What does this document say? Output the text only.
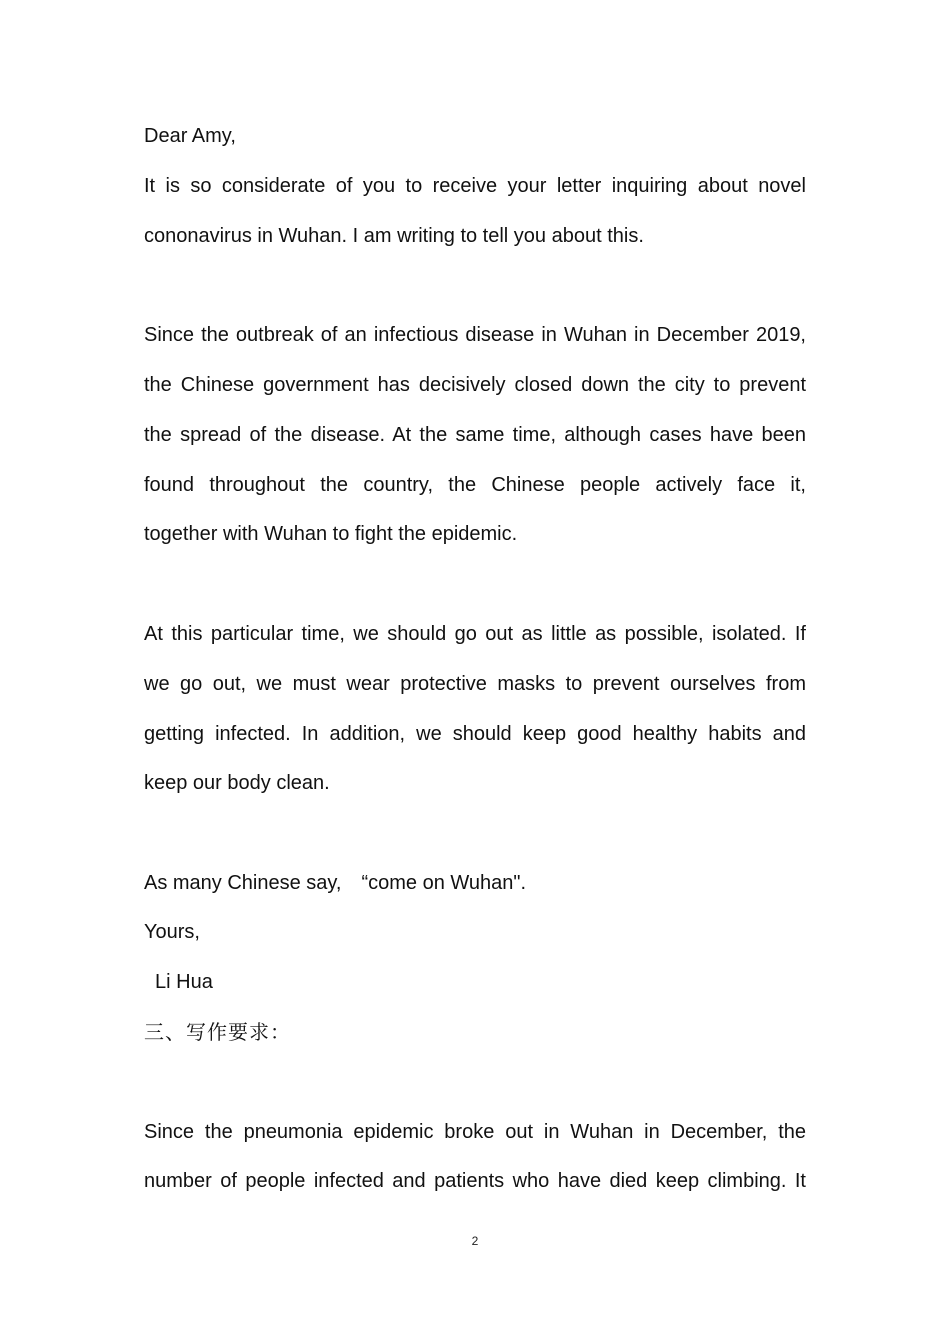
Dear Amy,
It is so considerate of you to receive your letter inquiring about novel
cononavirus in Wuhan. I am writing to tell you about this.
Since the outbreak of an infectious disease in Wuhan in December 2019,
the Chinese government has decisively closed down the city to prevent
the spread of the disease. At the same time, although cases have been
found throughout the country, the Chinese people actively face it,
together with Wuhan to fight the epidemic.
At this particular time, we should go out as little as possible, isolated. If
we go out, we must wear protective masks to prevent ourselves from
getting infected. In addition, we should keep good healthy habits and
keep our body clean.
As many Chinese say,　“come on Wuhan".
Yours,
Li Hua
三、写作要求：
Since the pneumonia epidemic broke out in Wuhan in December, the
number of people infected and patients who have died keep climbing. It
2
